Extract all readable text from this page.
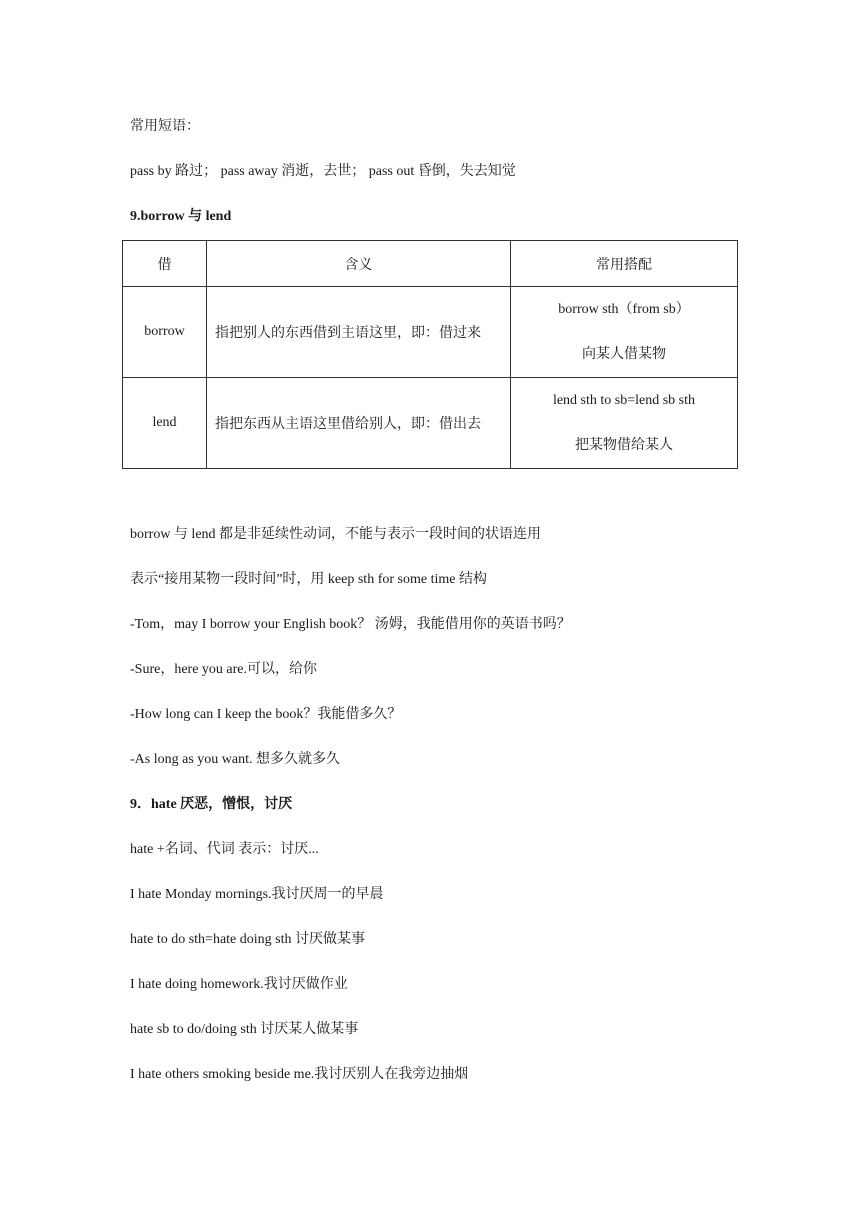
常用短语：
pass by 路过； pass away 消逝，去世； pass out 昏倒，失去知觉
9.borrow 与 lend
借	含义	常用搭配
borrow	指把别人的东西借到主语这里，即：借过来	borrow sth（from sb）
向某人借某物

lend	指把东西从主语这里借给别人，即：借出去	lend sth to sb=lend sb sth
把某物借给某人
borrow 与 lend 都是非延续性动词，不能与表示一段时间的状语连用
表示“接用某物一段时间”时，用 keep sth for some time 结构
-Tom，may I borrow your English book？ 汤姆，我能借用你的英语书吗？
-Sure，here you are.可以，给你
-How long can I keep the book？我能借多久？
-As long as you want. 想多久就多久
9．hate 厌恶，憎恨，讨厌
hate +名词、代词 表示：讨厌...
I hate Monday mornings.我讨厌周一的早晨
hate to do sth=hate doing sth 讨厌做某事
I hate doing homework.我讨厌做作业
hate sb to do/doing sth 讨厌某人做某事
I hate others smoking beside me.我讨厌别人在我旁边抽烟
